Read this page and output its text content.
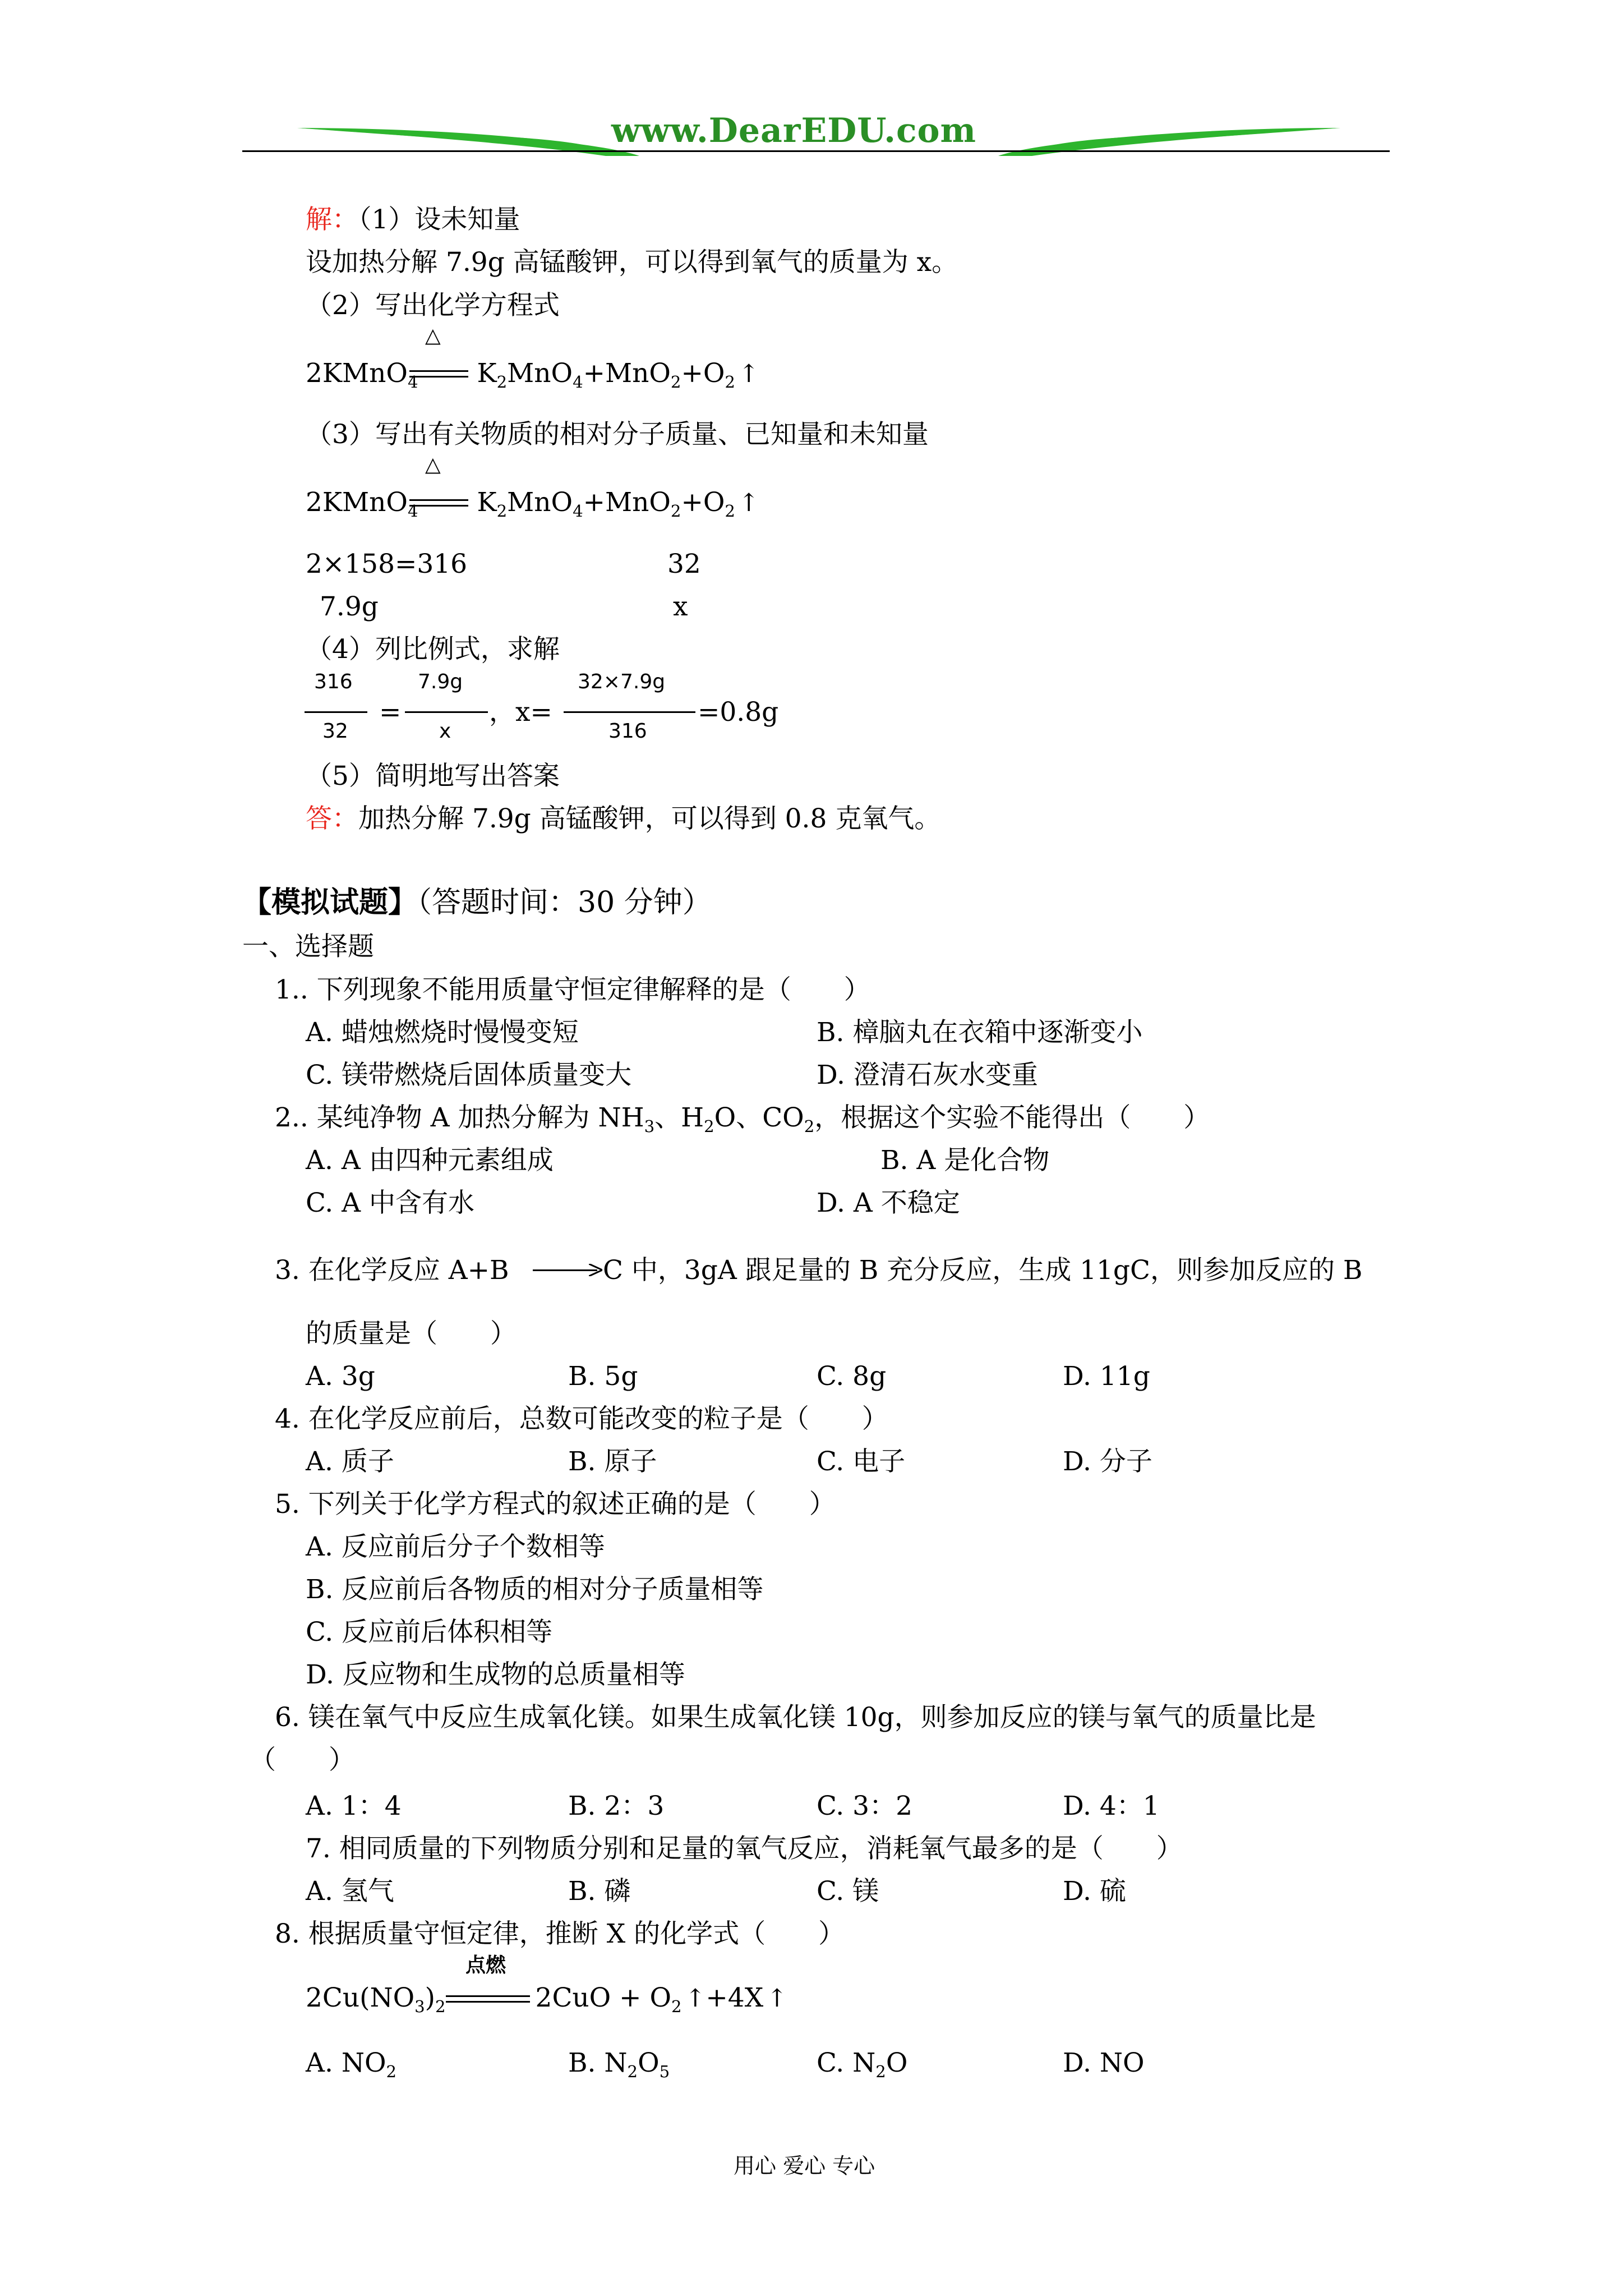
www.DearEDU.com
解：（1）设未知量
设加热分解 7.9g 高锰酸钾，可以得到氧气的质量为 x。
（2）写出化学方程式
△
2KMnO$_4$ $K_2MnO_4+MnO_2+O_2$ ↑
（3）写出有关物质的相对分子质量、已知量和未知量
△
2KMnO$_4$ $K_2MnO_4+MnO_2+O_2$ ↑
2×158=316	32
7.9g	x
（4）列比例式，求解
316
32
=
7.9g
x
，x=
32×7.9g
316
=0.8g
（5）简明地写出答案
答：加热分解 7.9g 高锰酸钾，可以得到 0.8 克氧气。
【模拟试题】（答题时间：30 分钟）
一、选择题
1.. 下列现象不能用质量守恒定律解释的是（　　）
A. 蜡烛燃烧时慢慢变短	B. 樟脑丸在衣箱中逐渐变小
C. 镁带燃烧后固体质量变大	D. 澄清石灰水变重
2.. 某纯净物 A 加热分解为 $NH_3$、$H_2O$、$CO_2$，根据这个实验不能得出（　　）
A. A 由四种元素组成	B. A 是化合物
C. A 中含有水	D. A 不稳定
3. 在化学反应 A+B	C 中，3gA 跟足量的 B 充分反应，生成 11gC，则参加反应的 B
的质量是（　　）
A. 3g	B. 5g	C. 8g	D. 11g
4. 在化学反应前后，总数可能改变的粒子是（　　）
A. 质子	B. 原子	C. 电子	D. 分子
5. 下列关于化学方程式的叙述正确的是（　　）
A. 反应前后分子个数相等
B. 反应前后各物质的相对分子质量相等
C. 反应前后体积相等
D. 反应物和生成物的总质量相等
6. 镁在氧气中反应生成氧化镁。如果生成氧化镁 10g，则参加反应的镁与氧气的质量比是
（　　）
A. 1：4	B. 2：3	C. 3：2	D. 4：1
7. 相同质量的下列物质分别和足量的氧气反应，消耗氧气最多的是（　　）
A. 氢气	B. 磷	C. 镁	D. 硫
8. 根据质量守恒定律，推断 X 的化学式（　　）
点燃
$2Cu(NO_3)_2$	$2CuO + O_2$ ↑+4X ↑
A. $NO_2$	B. $N_2O_5$	C. $N_2O$	D. NO
用心 爱心 专心
